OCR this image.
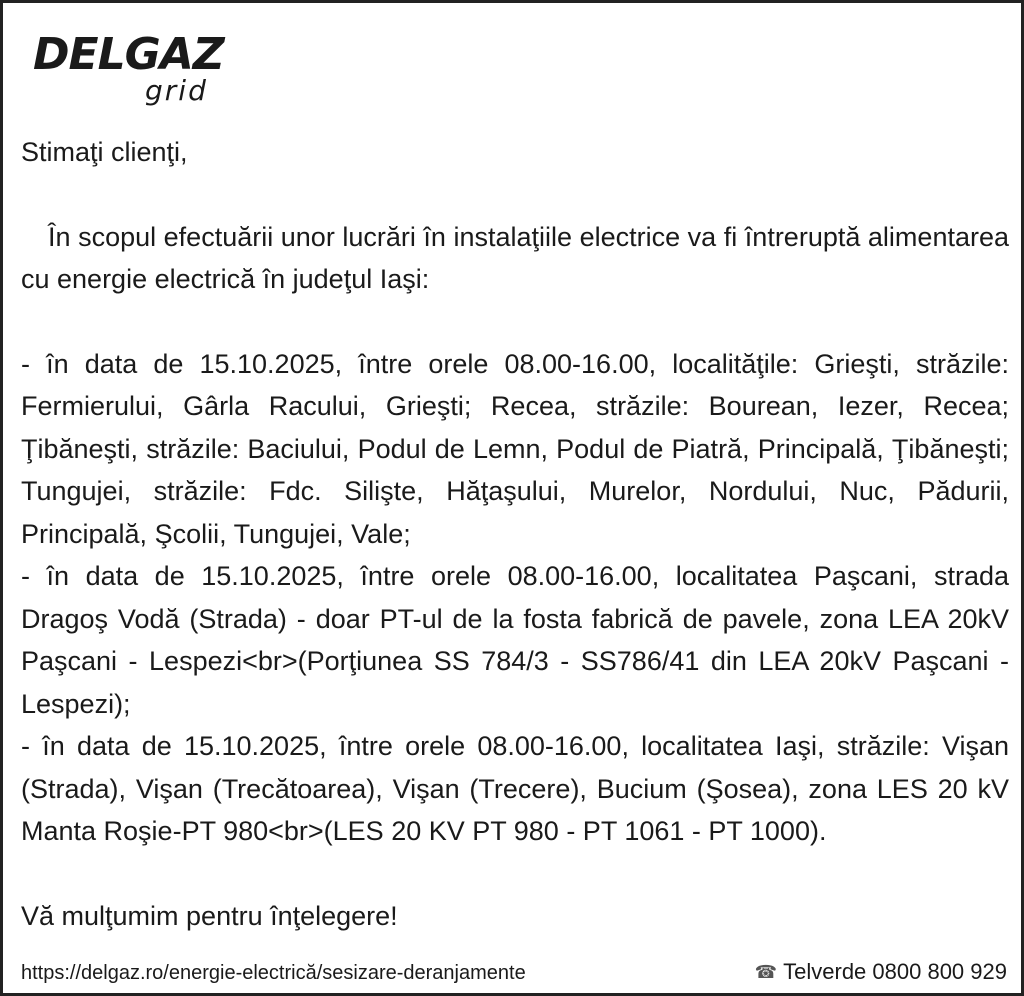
DELGAZ
grid

Stimaţi clienţi,

În scopul efectuării unor lucrări în instalaţiile electrice va fi întreruptă alimentarea cu energie electrică în judeţul Iaşi:

- în data de 15.10.2025, între orele 08.00-16.00, localităţile: Grieşti, străzile: Fermierului, Gârla Racului, Grieşti; Recea, străzile: Bourean, Iezer, Recea; Ţibăneşti, străzile: Baciului, Podul de Lemn, Podul de Piatră, Principală, Ţibăneşti; Tungujei, străzile: Fdc. Silişte, Hăţaşului, Murelor, Nordului, Nuc, Pădurii, Principală, Şcolii, Tungujei, Vale;

- în data de 15.10.2025, între orele 08.00-16.00, localitatea Paşcani, strada Dragoş Vodă (Strada) - doar PT-ul de la fosta fabrică de pavele, zona LEA 20kV Paşcani - Lespezi<br>(Porţiunea SS 784/3 - SS786/41 din LEA 20kV Paşcani - Lespezi);

- în data de 15.10.2025, între orele 08.00-16.00, localitatea Iaşi, străzile: Vişan (Strada), Vişan (Trecătoarea), Vişan (Trecere), Bucium (Şosea), zona LES 20 kV Manta Roşie-PT 980<br>(LES 20 KV PT 980 - PT 1061 - PT 1000).

Vă mulţumim pentru înţelegere!

https://delgaz.ro/energie-electrică/sesizare-deranjamente	☎ Telverde 0800 800 929
